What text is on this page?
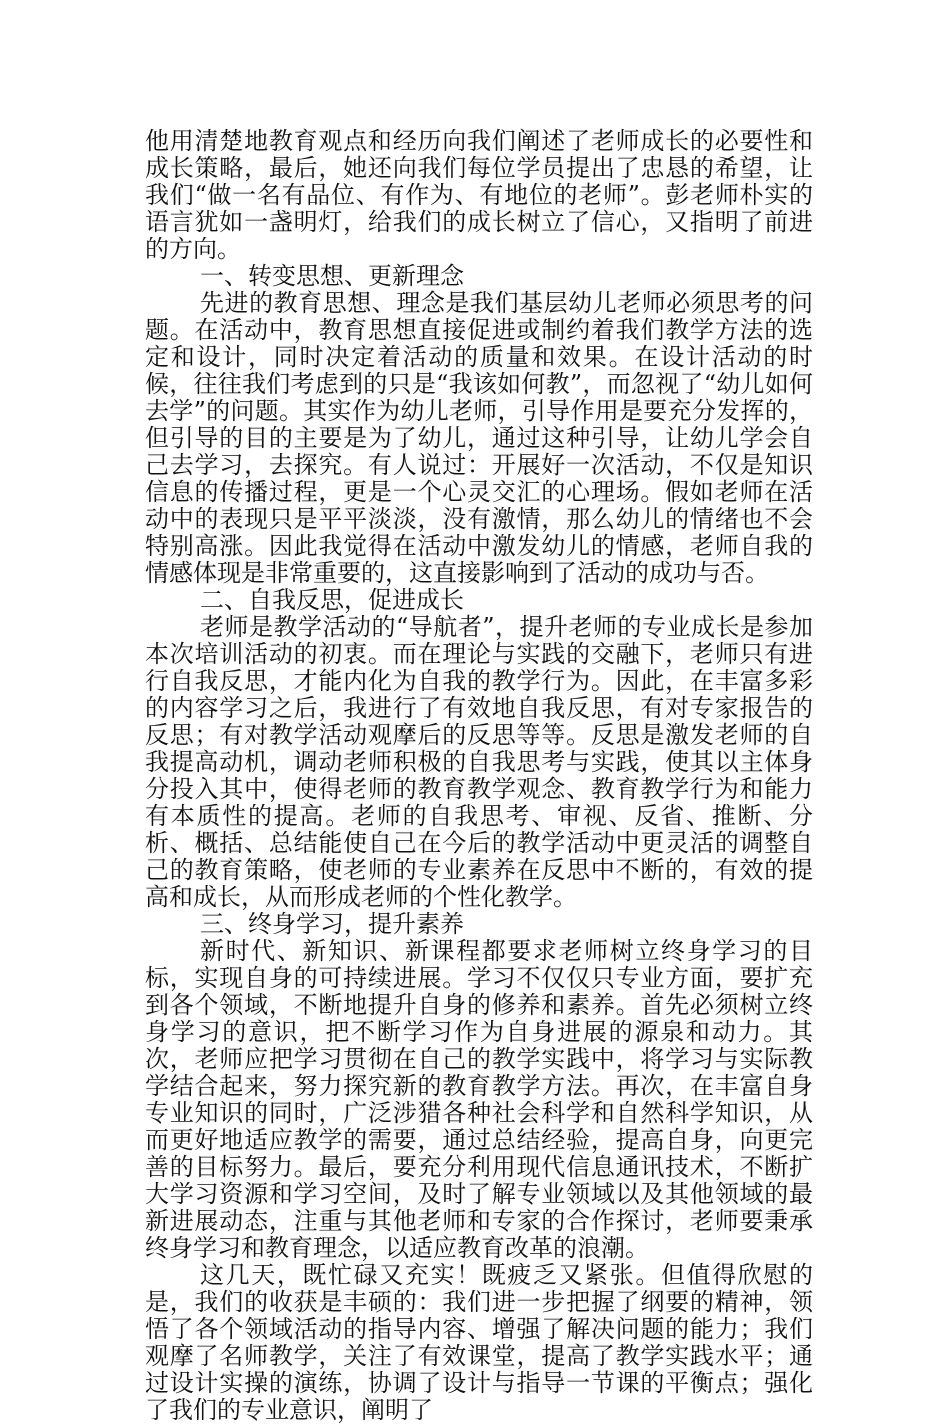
他用清楚地教育观点和经历向我们阐述了老师成长的必要性和成长策略，最后，她还向我们每位学员提出了忠恳的希望，让我们“做一名有品位、有作为、有地位的老师”。彭老师朴实的语言犹如一盏明灯，给我们的成长树立了信心，又指明了前进的方向。

一、转变思想、更新理念

先进的教育思想、理念是我们基层幼儿老师必须思考的问题。在活动中，教育思想直接促进或制约着我们教学方法的选定和设计，同时决定着活动的质量和效果。在设计活动的时候，往往我们考虑到的只是“我该如何教”，而忽视了“幼儿如何去学”的问题。其实作为幼儿老师，引导作用是要充分发挥的，但引导的目的主要是为了幼儿，通过这种引导，让幼儿学会自己去学习，去探究。有人说过：开展好一次活动，不仅是知识信息的传播过程，更是一个心灵交汇的心理场。假如老师在活动中的表现只是平平淡淡，没有激情，那么幼儿的情绪也不会特别高涨。因此我觉得在活动中激发幼儿的情感，老师自我的情感体现是非常重要的，这直接影响到了活动的成功与否。

二、自我反思，促进成长

老师是教学活动的“导航者”，提升老师的专业成长是参加本次培训活动的初衷。而在理论与实践的交融下，老师只有进行自我反思，才能内化为自我的教学行为。因此，在丰富多彩的内容学习之后，我进行了有效地自我反思，有对专家报告的反思；有对教学活动观摩后的反思等等。反思是激发老师的自我提高动机，调动老师积极的自我思考与实践，使其以主体身分投入其中，使得老师的教育教学观念、教育教学行为和能力有本质性的提高。老师的自我思考、审视、反省、推断、分析、概括、总结能使自己在今后的教学活动中更灵活的调整自己的教育策略，使老师的专业素养在反思中不断的，有效的提高和成长，从而形成老师的个性化教学。

三、终身学习，提升素养

新时代、新知识、新课程都要求老师树立终身学习的目标，实现自身的可持续进展。学习不仅仅只专业方面，要扩充到各个领域，不断地提升自身的修养和素养。首先必须树立终身学习的意识，把不断学习作为自身进展的源泉和动力。其次，老师应把学习贯彻在自己的教学实践中，将学习与实际教学结合起来，努力探究新的教育教学方法。再次，在丰富自身专业知识的同时，广泛涉猎各种社会科学和自然科学知识，从而更好地适应教学的需要，通过总结经验，提高自身，向更完善的目标努力。最后，要充分利用现代信息通讯技术，不断扩大学习资源和学习空间，及时了解专业领域以及其他领域的最新进展动态，注重与其他老师和专家的合作探讨，老师要秉承终身学习和教育理念，以适应教育改革的浪潮。

这几天，既忙碌又充实！既疲乏又紧张。但值得欣慰的是，我们的收获是丰硕的：我们进一步把握了纲要的精神，领悟了各个领域活动的指导内容、增强了解决问题的能力；我们观摩了名师教学，关注了有效课堂，提高了教学实践水平；通过设计实操的演练，协调了设计与指导一节课的平衡点；强化了我们的专业意识，阐明了
